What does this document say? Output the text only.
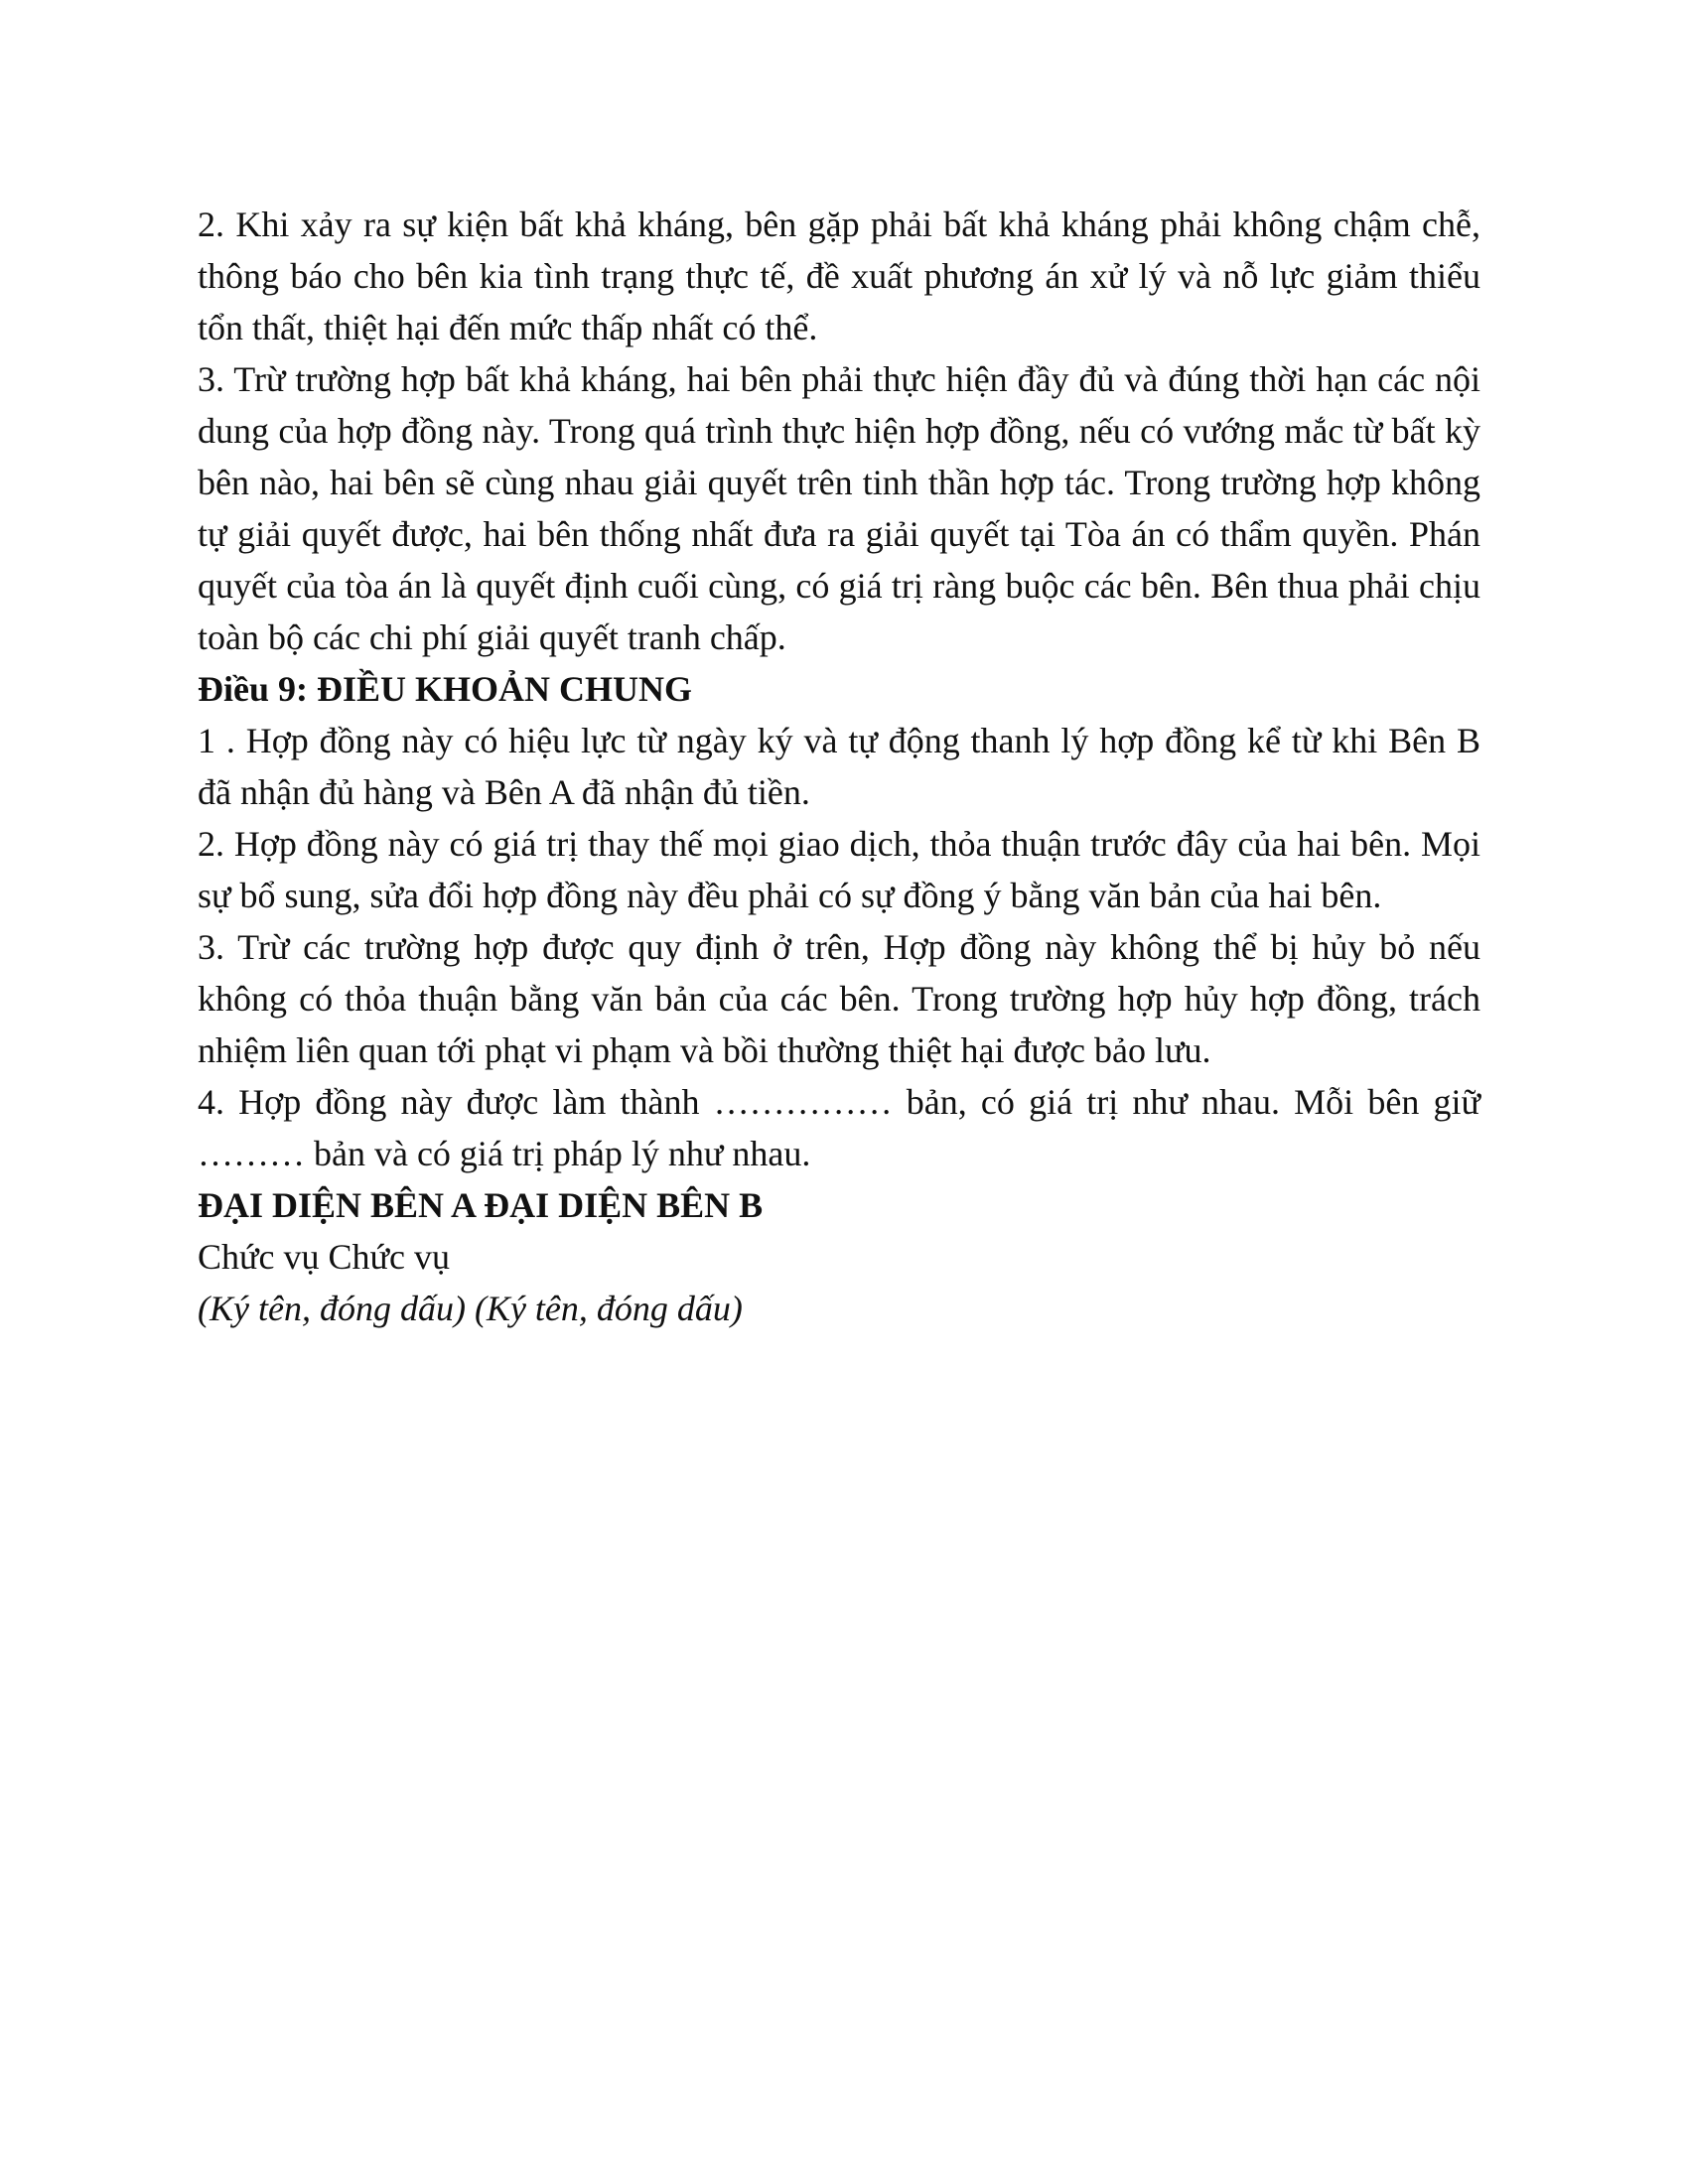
2. Khi xảy ra sự kiện bất khả kháng, bên gặp phải bất khả kháng phải không chậm chễ, thông báo cho bên kia tình trạng thực tế, đề xuất phương án xử lý và nỗ lực giảm thiểu tổn thất, thiệt hại đến mức thấp nhất có thể.

3. Trừ trường hợp bất khả kháng, hai bên phải thực hiện đầy đủ và đúng thời hạn các nội dung của hợp đồng này. Trong quá trình thực hiện hợp đồng, nếu có vướng mắc từ bất kỳ bên nào, hai bên sẽ cùng nhau giải quyết trên tinh thần hợp tác. Trong trường hợp không tự giải quyết được, hai bên thống nhất đưa ra giải quyết tại Tòa án có thẩm quyền. Phán quyết của tòa án là quyết định cuối cùng, có giá trị ràng buộc các bên. Bên thua phải chịu toàn bộ các chi phí giải quyết tranh chấp.

Điều 9: ĐIỀU KHOẢN CHUNG

1 . Hợp đồng này có hiệu lực từ ngày ký và tự động thanh lý hợp đồng kể từ khi Bên B đã nhận đủ hàng và Bên A đã nhận đủ tiền.

2. Hợp đồng này có giá trị thay thế mọi giao dịch, thỏa thuận trước đây của hai bên. Mọi sự bổ sung, sửa đổi hợp đồng này đều phải có sự đồng ý bằng văn bản của hai bên.

3. Trừ các trường hợp được quy định ở trên, Hợp đồng này không thể bị hủy bỏ nếu không có thỏa thuận bằng văn bản của các bên. Trong trường hợp hủy hợp đồng, trách nhiệm liên quan tới phạt vi phạm và bồi thường thiệt hại được bảo lưu.

4. Hợp đồng này được làm thành …………… bản, có giá trị như nhau. Mỗi bên giữ ……… bản và có giá trị pháp lý như nhau.

ĐẠI DIỆN BÊN A ĐẠI DIỆN BÊN B

Chức vụ Chức vụ

(Ký tên, đóng dấu) (Ký tên, đóng dấu)
